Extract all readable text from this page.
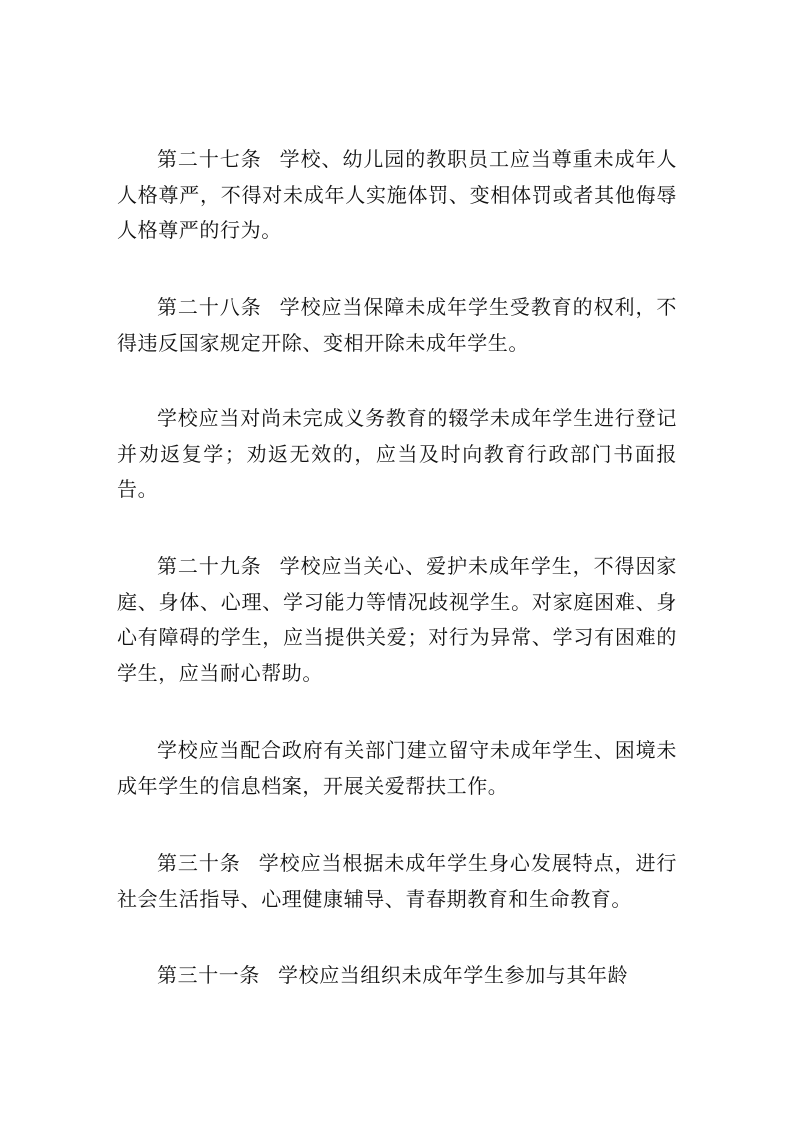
第二十七条 学校、幼儿园的教职员工应当尊重未成年人人格尊严，不得对未成年人实施体罚、变相体罚或者其他侮辱人格尊严的行为。

第二十八条 学校应当保障未成年学生受教育的权利，不得违反国家规定开除、变相开除未成年学生。

学校应当对尚未完成义务教育的辍学未成年学生进行登记并劝返复学；劝返无效的，应当及时向教育行政部门书面报告。

第二十九条 学校应当关心、爱护未成年学生，不得因家庭、身体、心理、学习能力等情况歧视学生。对家庭困难、身心有障碍的学生，应当提供关爱；对行为异常、学习有困难的学生，应当耐心帮助。

学校应当配合政府有关部门建立留守未成年学生、困境未成年学生的信息档案，开展关爱帮扶工作。

第三十条 学校应当根据未成年学生身心发展特点，进行社会生活指导、心理健康辅导、青春期教育和生命教育。

第三十一条 学校应当组织未成年学生参加与其年龄
